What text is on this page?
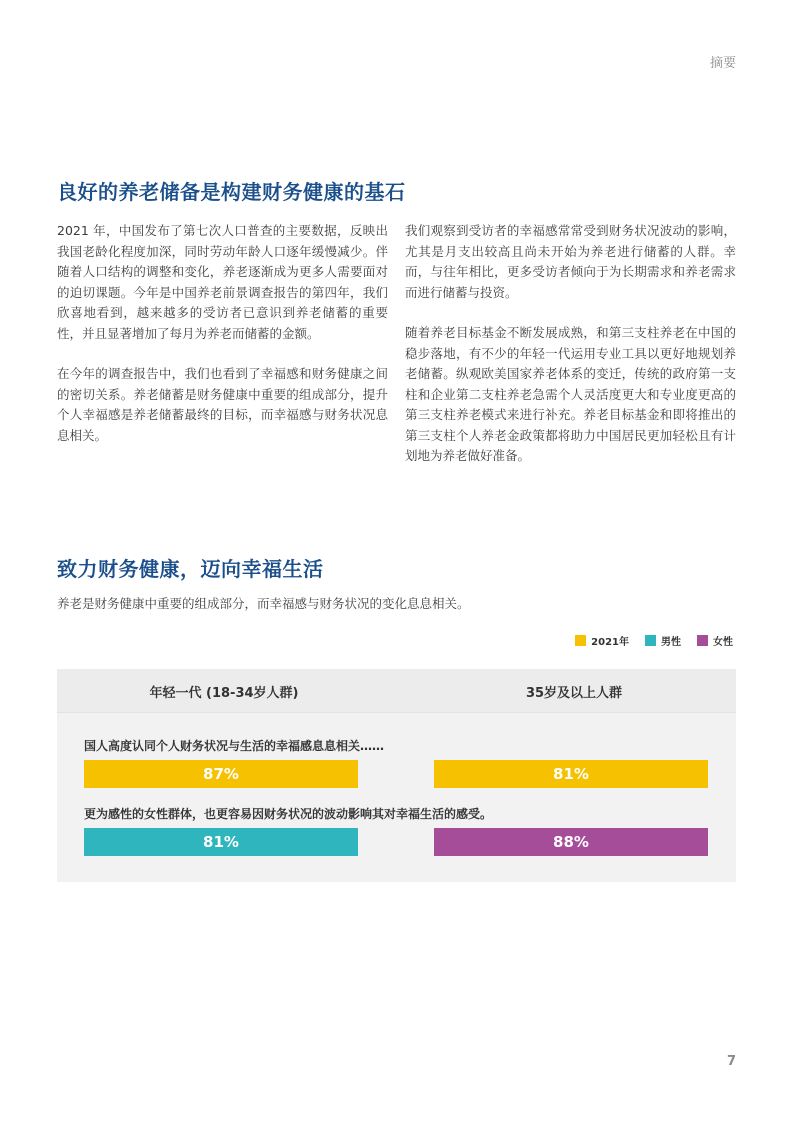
摘要
良好的养老储备是构建财务健康的基石

2021 年，中国发布了第七次人口普查的主要数据，反映出我国老龄化程度加深，同时劳动年龄人口逐年缓慢减少。伴随着人口结构的调整和变化，养老逐渐成为更多人需要面对的迫切课题。今年是中国养老前景调查报告的第四年，我们欣喜地看到，越来越多的受访者已意识到养老储蓄的重要性，并且显著增加了每月为养老而储蓄的金额。

在今年的调查报告中，我们也看到了幸福感和财务健康之间的密切关系。养老储蓄是财务健康中重要的组成部分，提升个人幸福感是养老储蓄最终的目标，而幸福感与财务状况息息相关。

我们观察到受访者的幸福感常常受到财务状况波动的影响，尤其是月支出较高且尚未开始为养老进行储蓄的人群。幸而，与往年相比，更多受访者倾向于为长期需求和养老需求而进行储蓄与投资。

随着养老目标基金不断发展成熟，和第三支柱养老在中国的稳步落地，有不少的年轻一代运用专业工具以更好地规划养老储蓄。纵观欧美国家养老体系的变迁，传统的政府第一支柱和企业第二支柱养老急需个人灵活度更大和专业度更高的第三支柱养老模式来进行补充。养老目标基金和即将推出的第三支柱个人养老金政策都将助力中国居民更加轻松且有计划地为养老做好准备。

致力财务健康，迈向幸福生活

养老是财务健康中重要的组成部分，而幸福感与财务状况的变化息息相关。

2021年	男性	女性
年轻一代 (18-34岁人群)	35岁及以上人群
国人高度认同个人财务状况与生活的幸福感息息相关……
87%	81%
更为感性的女性群体，也更容易因财务状况的波动影响其对幸福生活的感受。
81%	88%
7
